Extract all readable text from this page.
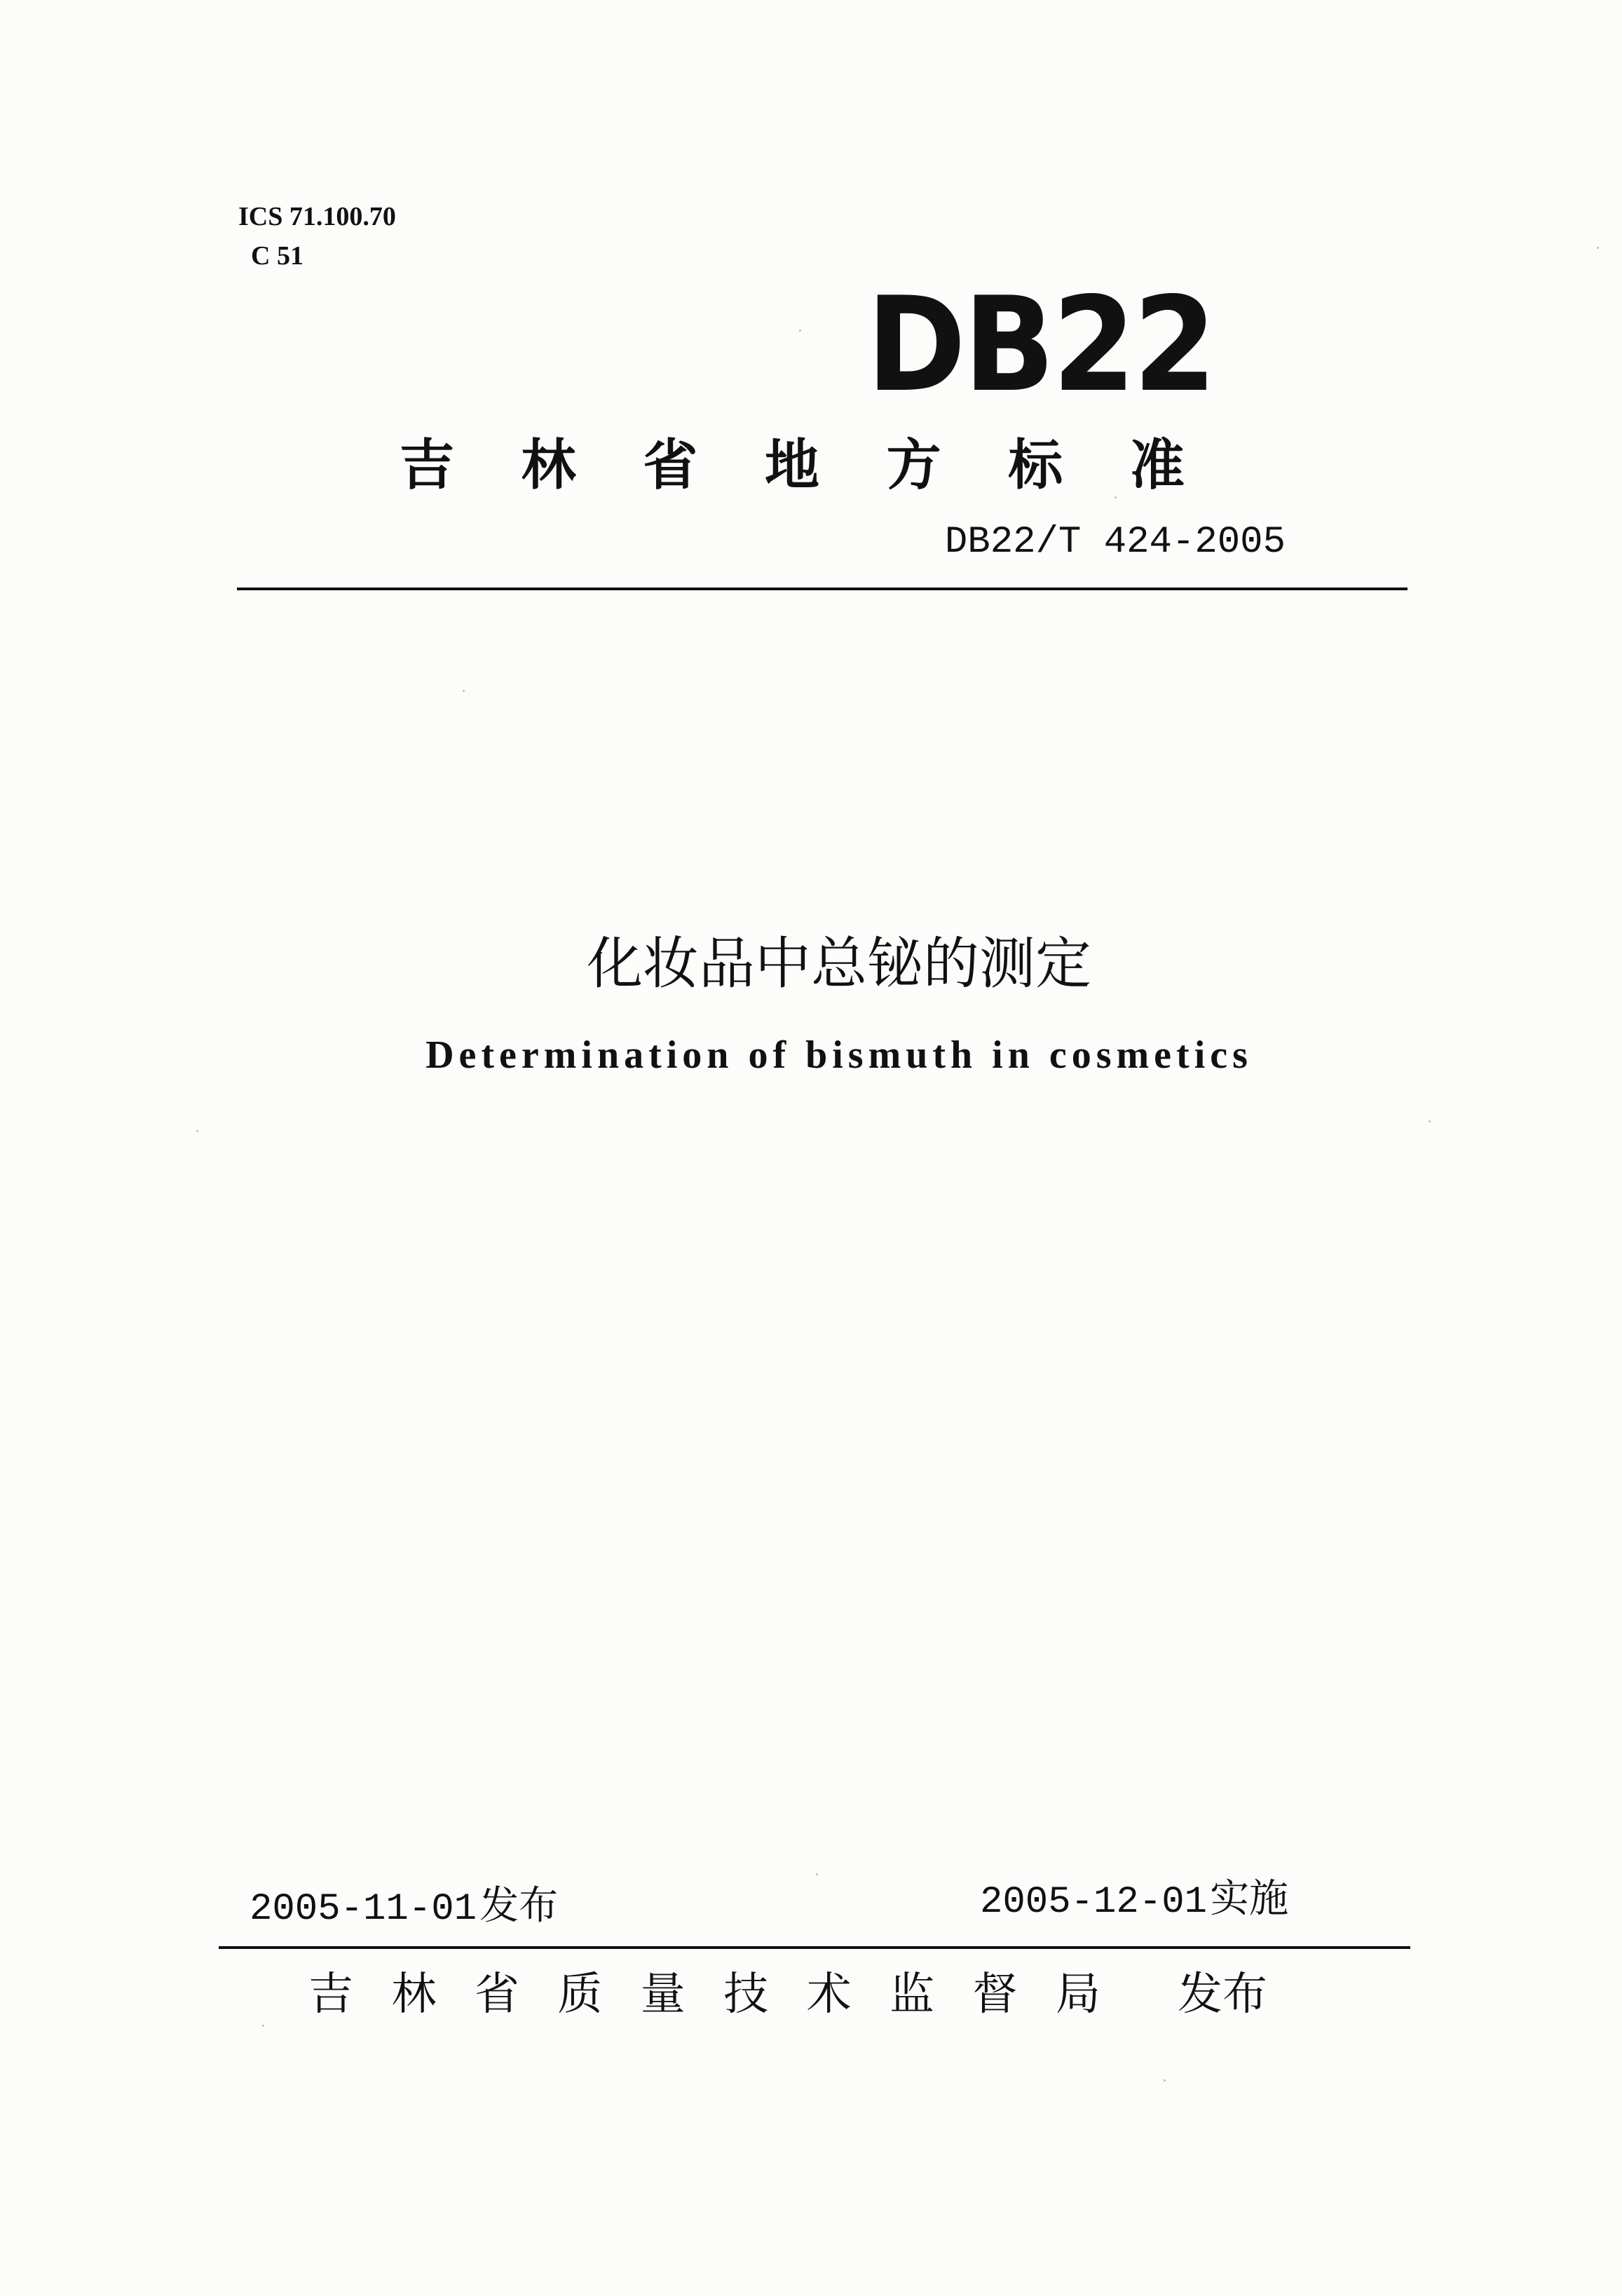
ICS 71.100.70
C 51
DB22
吉 林 省 地 方 标 准
DB22/T 424-2005
化妆品中总铋的测定
Determination of bismuth in cosmetics
2005-11-01发布	2005-12-01实施
吉 林 省 质 量 技 术 监 督 局 发布
